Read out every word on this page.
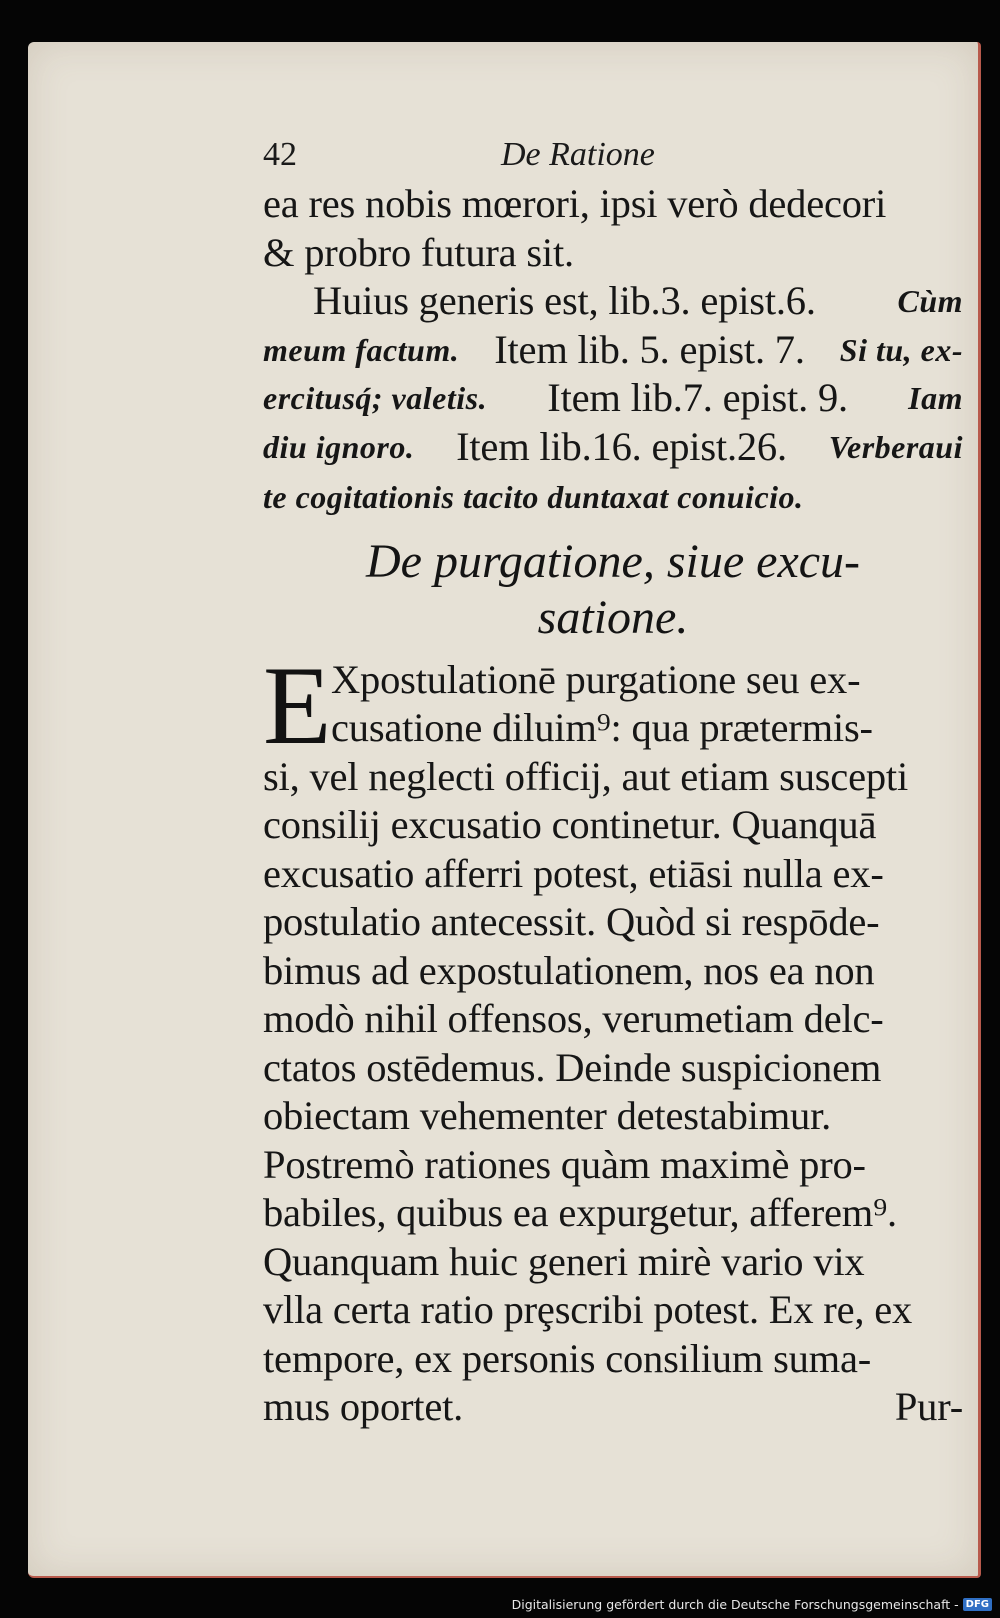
42	De Ratione
ea res nobis mœrori, ipsi verò dedecori
& probro futura sit.
Huius generis est, lib.3. epist.6.	Cùm
meum factum. Item lib. 5. epist. 7. Si tu, ex-
ercitusq́; valetis. Item lib.7. epist. 9. Iam
diu ignoro. Item lib.16. epist.26. Verberaui
te cogitationis tacito duntaxat conuicio.
De purgatione, siue excu-
satione.
E Xpostulationē purgatione seu ex-
cusatione diluim⁹: qua prætermis-
si, vel neglecti officij, aut etiam suscepti
consilij excusatio continetur. Quanquā
excusatio afferri potest, etiāsi nulla ex-
postulatio antecessit. Quòd si respōde-
bimus ad expostulationem, nos ea non
modò nihil offensos, verumetiam delc-
ctatos ostēdemus. Deinde suspicionem
obiectam vehementer detestabimur.
Postremò rationes quàm maximè pro-
babiles, quibus ea expurgetur, afferem⁹.
Quanquam huic generi mirè vario vix
vlla certa ratio prȩscribi potest. Ex re, ex
tempore, ex personis consilium suma-
mus oportet.	Pur-
Digitalisierung gefördert durch die Deutsche Forschungsgemeinschaft - DFG
